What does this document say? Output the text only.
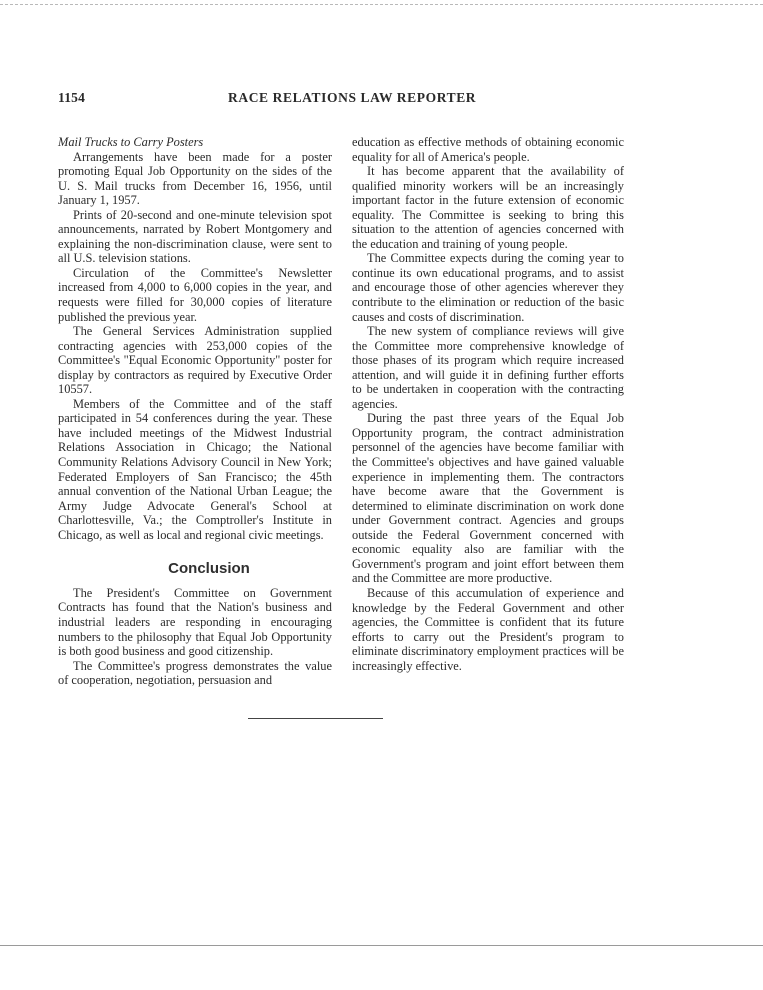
1154	RACE RELATIONS LAW REPORTER

Mail Trucks to Carry Posters

Arrangements have been made for a poster promoting Equal Job Opportunity on the sides of the U. S. Mail trucks from December 16, 1956, until January 1, 1957.

Prints of 20-second and one-minute television spot announcements, narrated by Robert Montgomery and explaining the non-discrimination clause, were sent to all U.S. television stations.

Circulation of the Committee's Newsletter increased from 4,000 to 6,000 copies in the year, and requests were filled for 30,000 copies of literature published the previous year.

The General Services Administration supplied contracting agencies with 253,000 copies of the Committee's "Equal Economic Opportunity" poster for display by contractors as required by Executive Order 10557.

Members of the Committee and of the staff participated in 54 conferences during the year. These have included meetings of the Midwest Industrial Relations Association in Chicago; the National Community Relations Advisory Council in New York; Federated Employers of San Francisco; the 45th annual convention of the National Urban League; the Army Judge Advocate General's School at Charlottesville, Va.; the Comptroller's Institute in Chicago, as well as local and regional civic meetings.

Conclusion

The President's Committee on Government Contracts has found that the Nation's business and industrial leaders are responding in encouraging numbers to the philosophy that Equal Job Opportunity is both good business and good citizenship.

The Committee's progress demonstrates the value of cooperation, negotiation, persuasion and

education as effective methods of obtaining economic equality for all of America's people.

It has become apparent that the availability of qualified minority workers will be an increasingly important factor in the future extension of economic equality. The Committee is seeking to bring this situation to the attention of agencies concerned with the education and training of young people.

The Committee expects during the coming year to continue its own educational programs, and to assist and encourage those of other agencies wherever they contribute to the elimination or reduction of the basic causes and costs of discrimination.

The new system of compliance reviews will give the Committee more comprehensive knowledge of those phases of its program which require increased attention, and will guide it in defining further efforts to be undertaken in cooperation with the contracting agencies.

During the past three years of the Equal Job Opportunity program, the contract administration personnel of the agencies have become familiar with the Committee's objectives and have gained valuable experience in implementing them. The contractors have become aware that the Government is determined to eliminate discrimination on work done under Government contract. Agencies and groups outside the Federal Government concerned with economic equality also are familiar with the Government's program and joint effort between them and the Committee are more productive.

Because of this accumulation of experience and knowledge by the Federal Government and other agencies, the Committee is confident that its future efforts to carry out the President's program to eliminate discriminatory employment practices will be increasingly effective.
